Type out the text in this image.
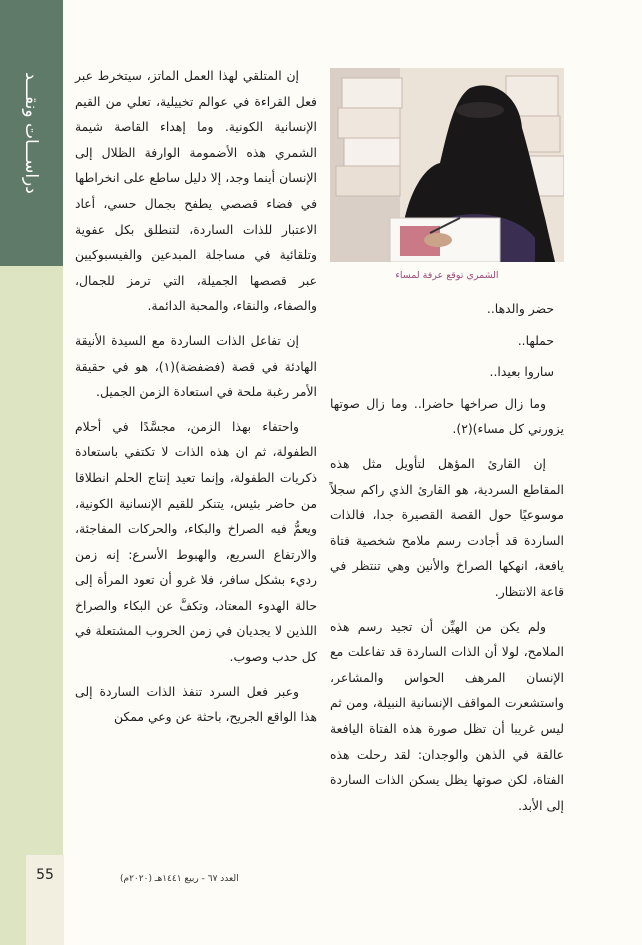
دراســـات ونقـــد
55
الشمري توقع عرفة لمساء

إن المتلقي لهذا العمل الماتز، سيتخرط عبر فعل القراءة في عوالم تخييلية، تعلي من القيم الإنسانية الكونية. وما إهداء القاصة شيمة الشمري هذه الأضمومة الوارفة الظلال إلى الإنسان أينما وجد، إلا دليل ساطع على انخراطها في فضاء قصصي يطفح بجمال حسي، أعاد الاعتبار للذات الساردة، لتنطلق بكل عفوية وتلقائية في مساجلة المبدعين والفيسبوكيين عبر قصصها الجميلة، التي ترمز للجمال، والصفاء، والنقاء، والمحبة الدائمة.

إن تفاعل الذات الساردة مع السيدة الأنيقة الهادئة في قصة (فضفضة)(١)، هو في حقيقة الأمر رغبة ملحة في استعادة الزمن الجميل.

واحتفاء بهذا الزمن، مجسَّدًا في أحلام الطفولة، ثم ان هذه الذات لا تكتفي باستعادة ذكريات الطفولة، وإنما تعيد إنتاج الحلم انطلاقا من حاضر بئيس، يتنكر للقيم الإنسانية الكونية، ويعمُّ فيه الصراخ والبكاء، والحركات المفاجئة، والارتفاع السريع، والهبوط الأسرع: إنه زمن رديء بشكل سافر، فلا غرو أن تعود المرأة إلى حالة الهدوء المعتاد، وتكفَّ عن البكاء والصراخ اللذين لا يجديان في زمن الحروب المشتعلة في كل حدب وصوب.

وعبر فعل السرد تنفذ الذات الساردة إلى هذا الواقع الجريح، باحثة عن وعي ممكن

حضر والدها..

حملها..

ساروا بعيدا..

وما زال صراخها حاضرا.. وما زال صوتها يزورني كل مساء)(٢).

إن القارئ المؤهل لتأويل مثل هذه المقاطع السردية، هو القارئ الذي راكم سجلاً موسوعيًا حول القصة القصيرة جدا، فالذات الساردة قد أجادت رسم ملامح شخصية فتاة يافعة، انهكها الصراخ والأنين وهي تنتظر في قاعة الانتظار.

ولم يكن من الهيِّن أن تجيد رسم هذه الملامح، لولا أن الذات الساردة قد تفاعلت مع الإنسان المرهف الحواس والمشاعر، واستشعرت المواقف الإنسانية النبيلة، ومن ثم ليس غريبا أن تظل صورة هذه الفتاة اليافعة عالقة في الذهن والوجدان: لقد رحلت هذه الفتاة، لكن صوتها يظل يسكن الذات الساردة إلى الأبد.

العدد ٦٧ - ربيع ١٤٤١هـ (٢٠٢٠م)
